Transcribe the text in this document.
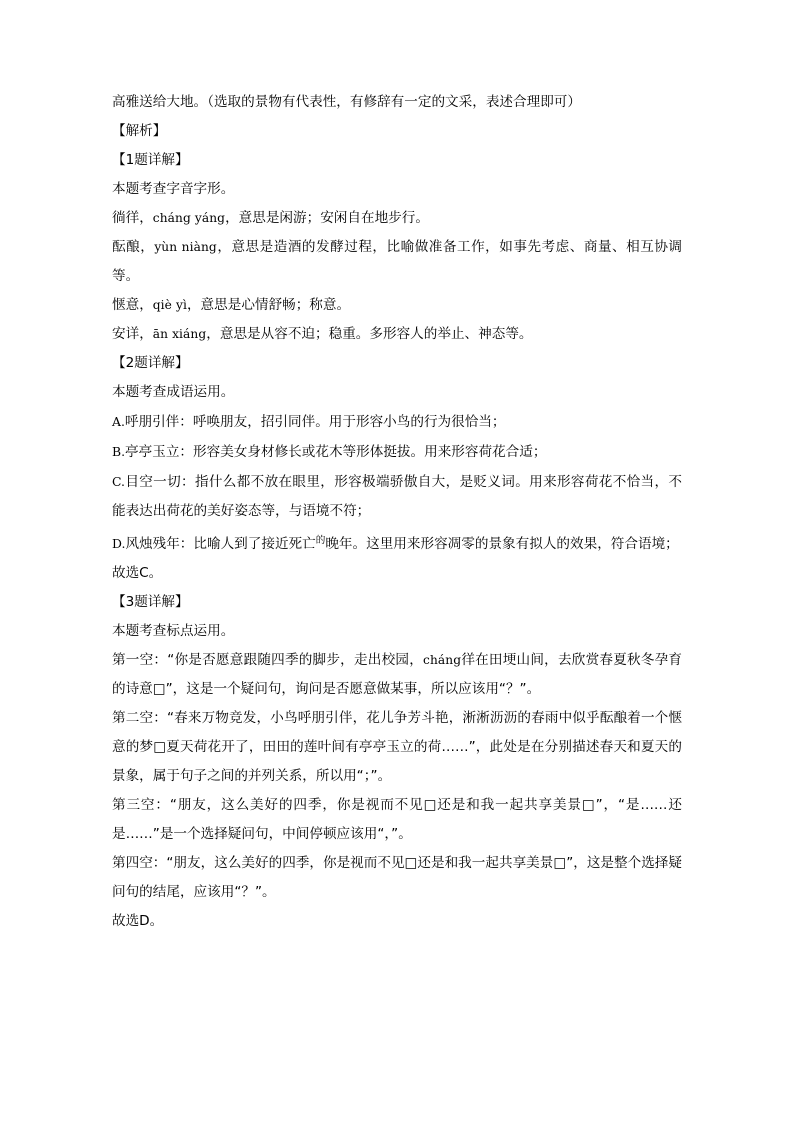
高雅送给大地。（选取的景物有代表性，有修辞有一定的文采，表述合理即可）

【解析】

【1题详解】

本题考查字音字形。

徜徉，cháng yáng，意思是闲游；安闲自在地步行。

酝酿，yùn niàng，意思是造酒的发酵过程，比喻做准备工作，如事先考虑、商量、相互协调等。

惬意，qiè yì，意思是心情舒畅；称意。

安详，ān xiáng，意思是从容不迫；稳重。多形容人的举止、神态等。

【2题详解】

本题考查成语运用。

A.呼朋引伴：呼唤朋友，招引同伴。用于形容小鸟的行为很恰当；

B.亭亭玉立：形容美女身材修长或花木等形体挺拔。用来形容荷花合适；

C.目空一切：指什么都不放在眼里，形容极端骄傲自大，是贬义词。用来形容荷花不恰当，不能表达出荷花的美好姿态等，与语境不符；

D.风烛残年：比喻人到了接近死亡$^的$晚年。这里用来形容凋零的景象有拟人的效果，符合语境；

故选C。

【3题详解】

本题考查标点运用。

第一空：“你是否愿意跟随四季的脚步，走出校园，cháng徉在田埂山间，去欣赏春夏秋冬孕育的诗意□”，这是一个疑问句，询问是否愿意做某事，所以应该用“？”。

第二空：“春来万物竞发，小鸟呼朋引伴，花儿争芳斗艳，淅淅沥沥的春雨中似乎酝酿着一个惬意的梦□夏天荷花开了，田田的莲叶间有亭亭玉立的荷……”，此处是在分别描述春天和夏天的景象，属于句子之间的并列关系，所以用“；”。

第三空：“朋友，这么美好的四季，你是视而不见□还是和我一起共享美景□”，“是……还是……”是一个选择疑问句，中间停顿应该用“，”。

第四空：“朋友，这么美好的四季，你是视而不见□还是和我一起共享美景□”，这是整个选择疑问句的结尾，应该用“？”。

故选D。
